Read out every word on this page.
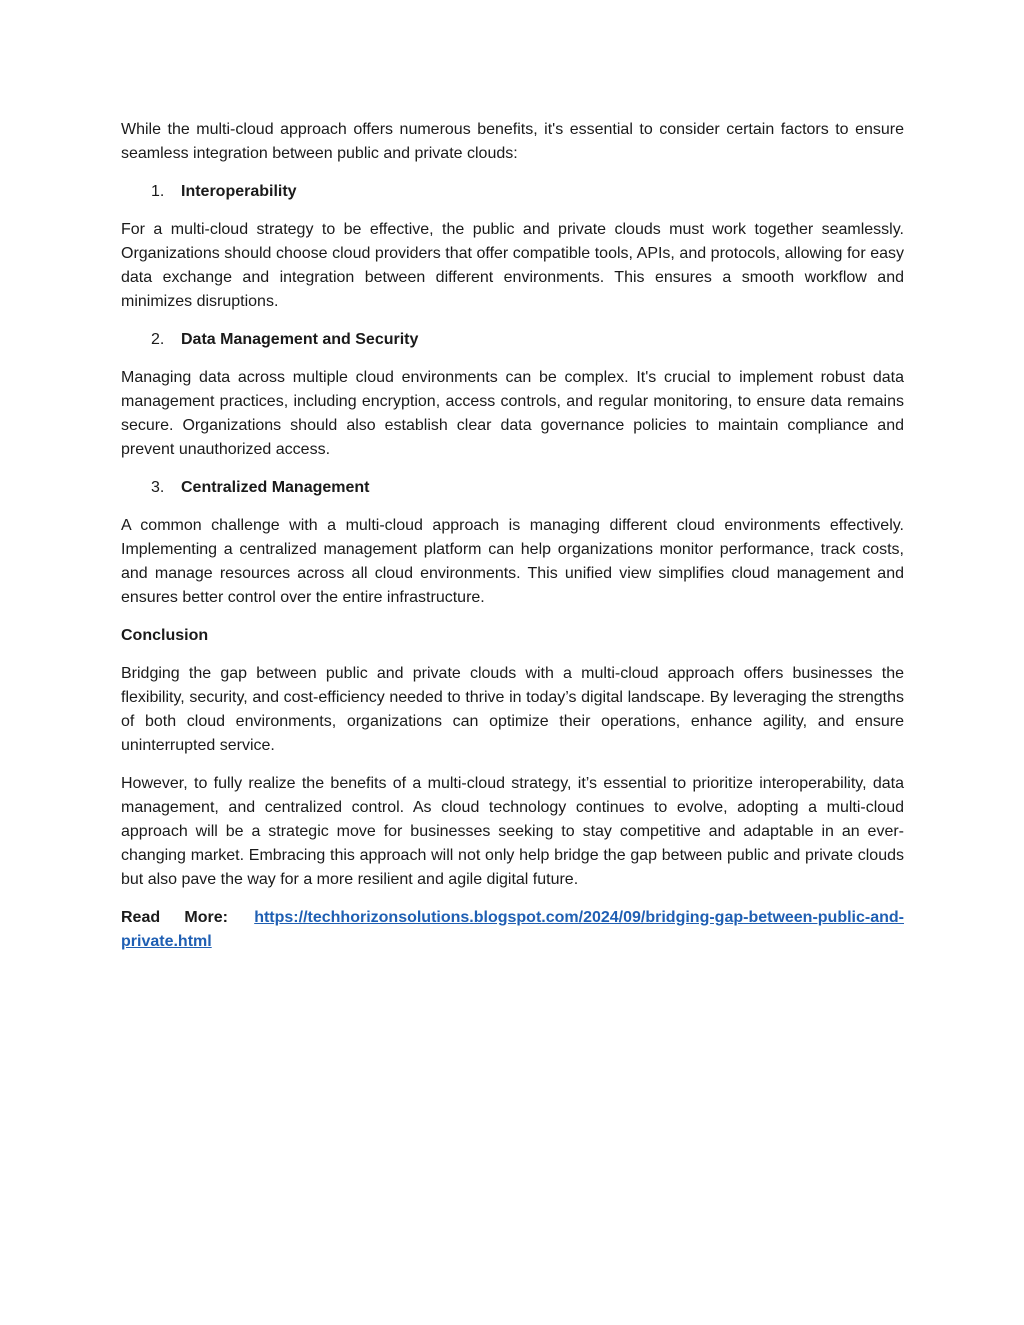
While the multi-cloud approach offers numerous benefits, it's essential to consider certain factors to ensure seamless integration between public and private clouds:

1.	Interoperability

For a multi-cloud strategy to be effective, the public and private clouds must work together seamlessly. Organizations should choose cloud providers that offer compatible tools, APIs, and protocols, allowing for easy data exchange and integration between different environments. This ensures a smooth workflow and minimizes disruptions.

2.	Data Management and Security

Managing data across multiple cloud environments can be complex. It's crucial to implement robust data management practices, including encryption, access controls, and regular monitoring, to ensure data remains secure. Organizations should also establish clear data governance policies to maintain compliance and prevent unauthorized access.

3.	Centralized Management

A common challenge with a multi-cloud approach is managing different cloud environments effectively. Implementing a centralized management platform can help organizations monitor performance, track costs, and manage resources across all cloud environments. This unified view simplifies cloud management and ensures better control over the entire infrastructure.

Conclusion

Bridging the gap between public and private clouds with a multi-cloud approach offers businesses the flexibility, security, and cost-efficiency needed to thrive in today’s digital landscape. By leveraging the strengths of both cloud environments, organizations can optimize their operations, enhance agility, and ensure uninterrupted service.

However, to fully realize the benefits of a multi-cloud strategy, it’s essential to prioritize interoperability, data management, and centralized control. As cloud technology continues to evolve, adopting a multi-cloud approach will be a strategic move for businesses seeking to stay competitive and adaptable in an ever-changing market. Embracing this approach will not only help bridge the gap between public and private clouds but also pave the way for a more resilient and agile digital future.

Read More: https://techhorizonsolutions.blogspot.com/2024/09/bridging-gap-between-public-and-private.html
